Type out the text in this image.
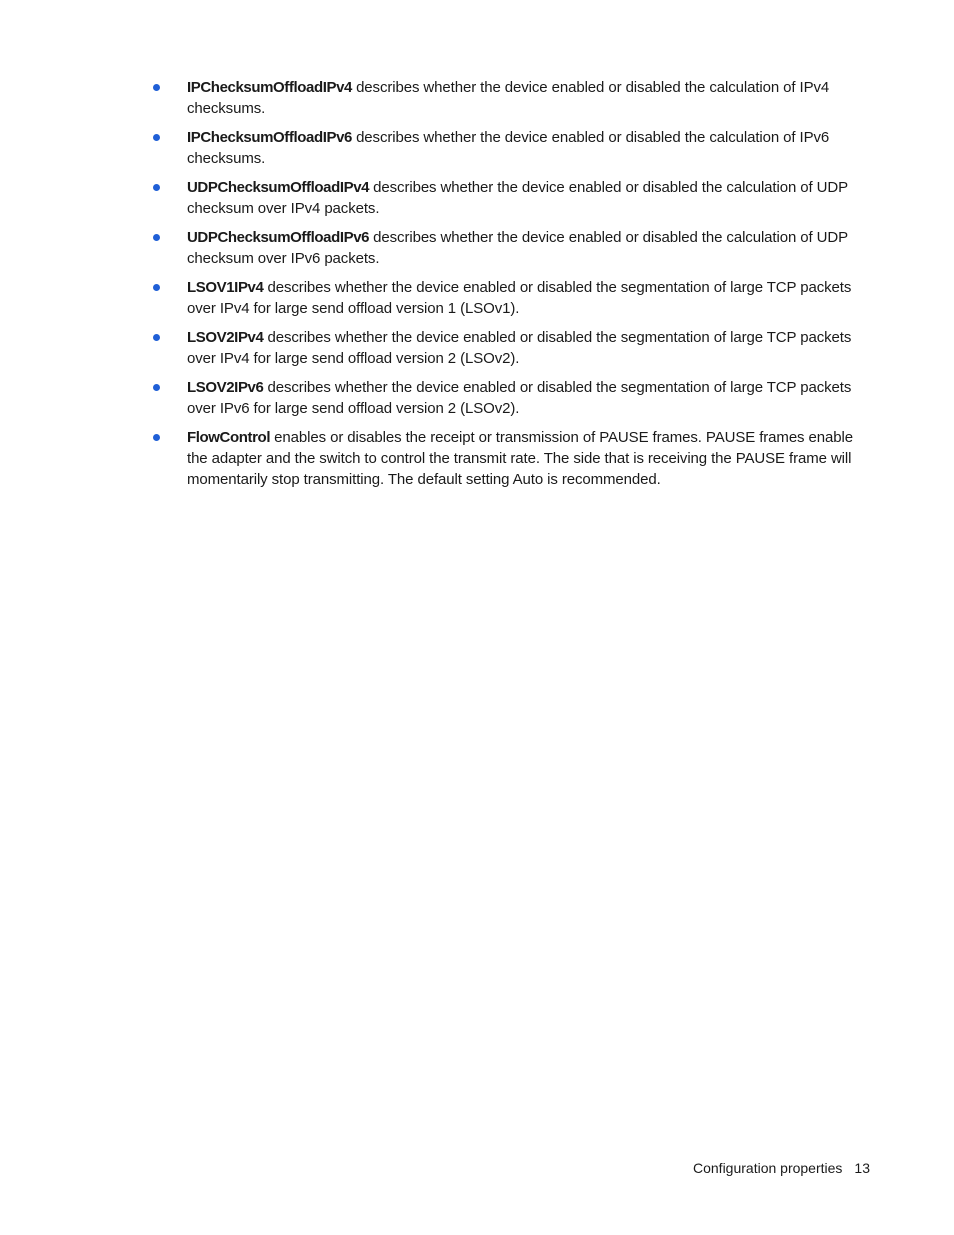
IPChecksumOffloadIPv4 describes whether the device enabled or disabled the calculation of IPv4 checksums.
IPChecksumOffloadIPv6 describes whether the device enabled or disabled the calculation of IPv6 checksums.
UDPChecksumOffloadIPv4 describes whether the device enabled or disabled the calculation of UDP checksum over IPv4 packets.
UDPChecksumOffloadIPv6 describes whether the device enabled or disabled the calculation of UDP checksum over IPv6 packets.
LSOV1IPv4 describes whether the device enabled or disabled the segmentation of large TCP packets over IPv4 for large send offload version 1 (LSOv1).
LSOV2IPv4 describes whether the device enabled or disabled the segmentation of large TCP packets over IPv4 for large send offload version 2 (LSOv2).
LSOV2IPv6 describes whether the device enabled or disabled the segmentation of large TCP packets over IPv6 for large send offload version 2 (LSOv2).
FlowControl enables or disables the receipt or transmission of PAUSE frames. PAUSE frames enable the adapter and the switch to control the transmit rate. The side that is receiving the PAUSE frame will momentarily stop transmitting. The default setting Auto is recommended.
Configuration properties 13
